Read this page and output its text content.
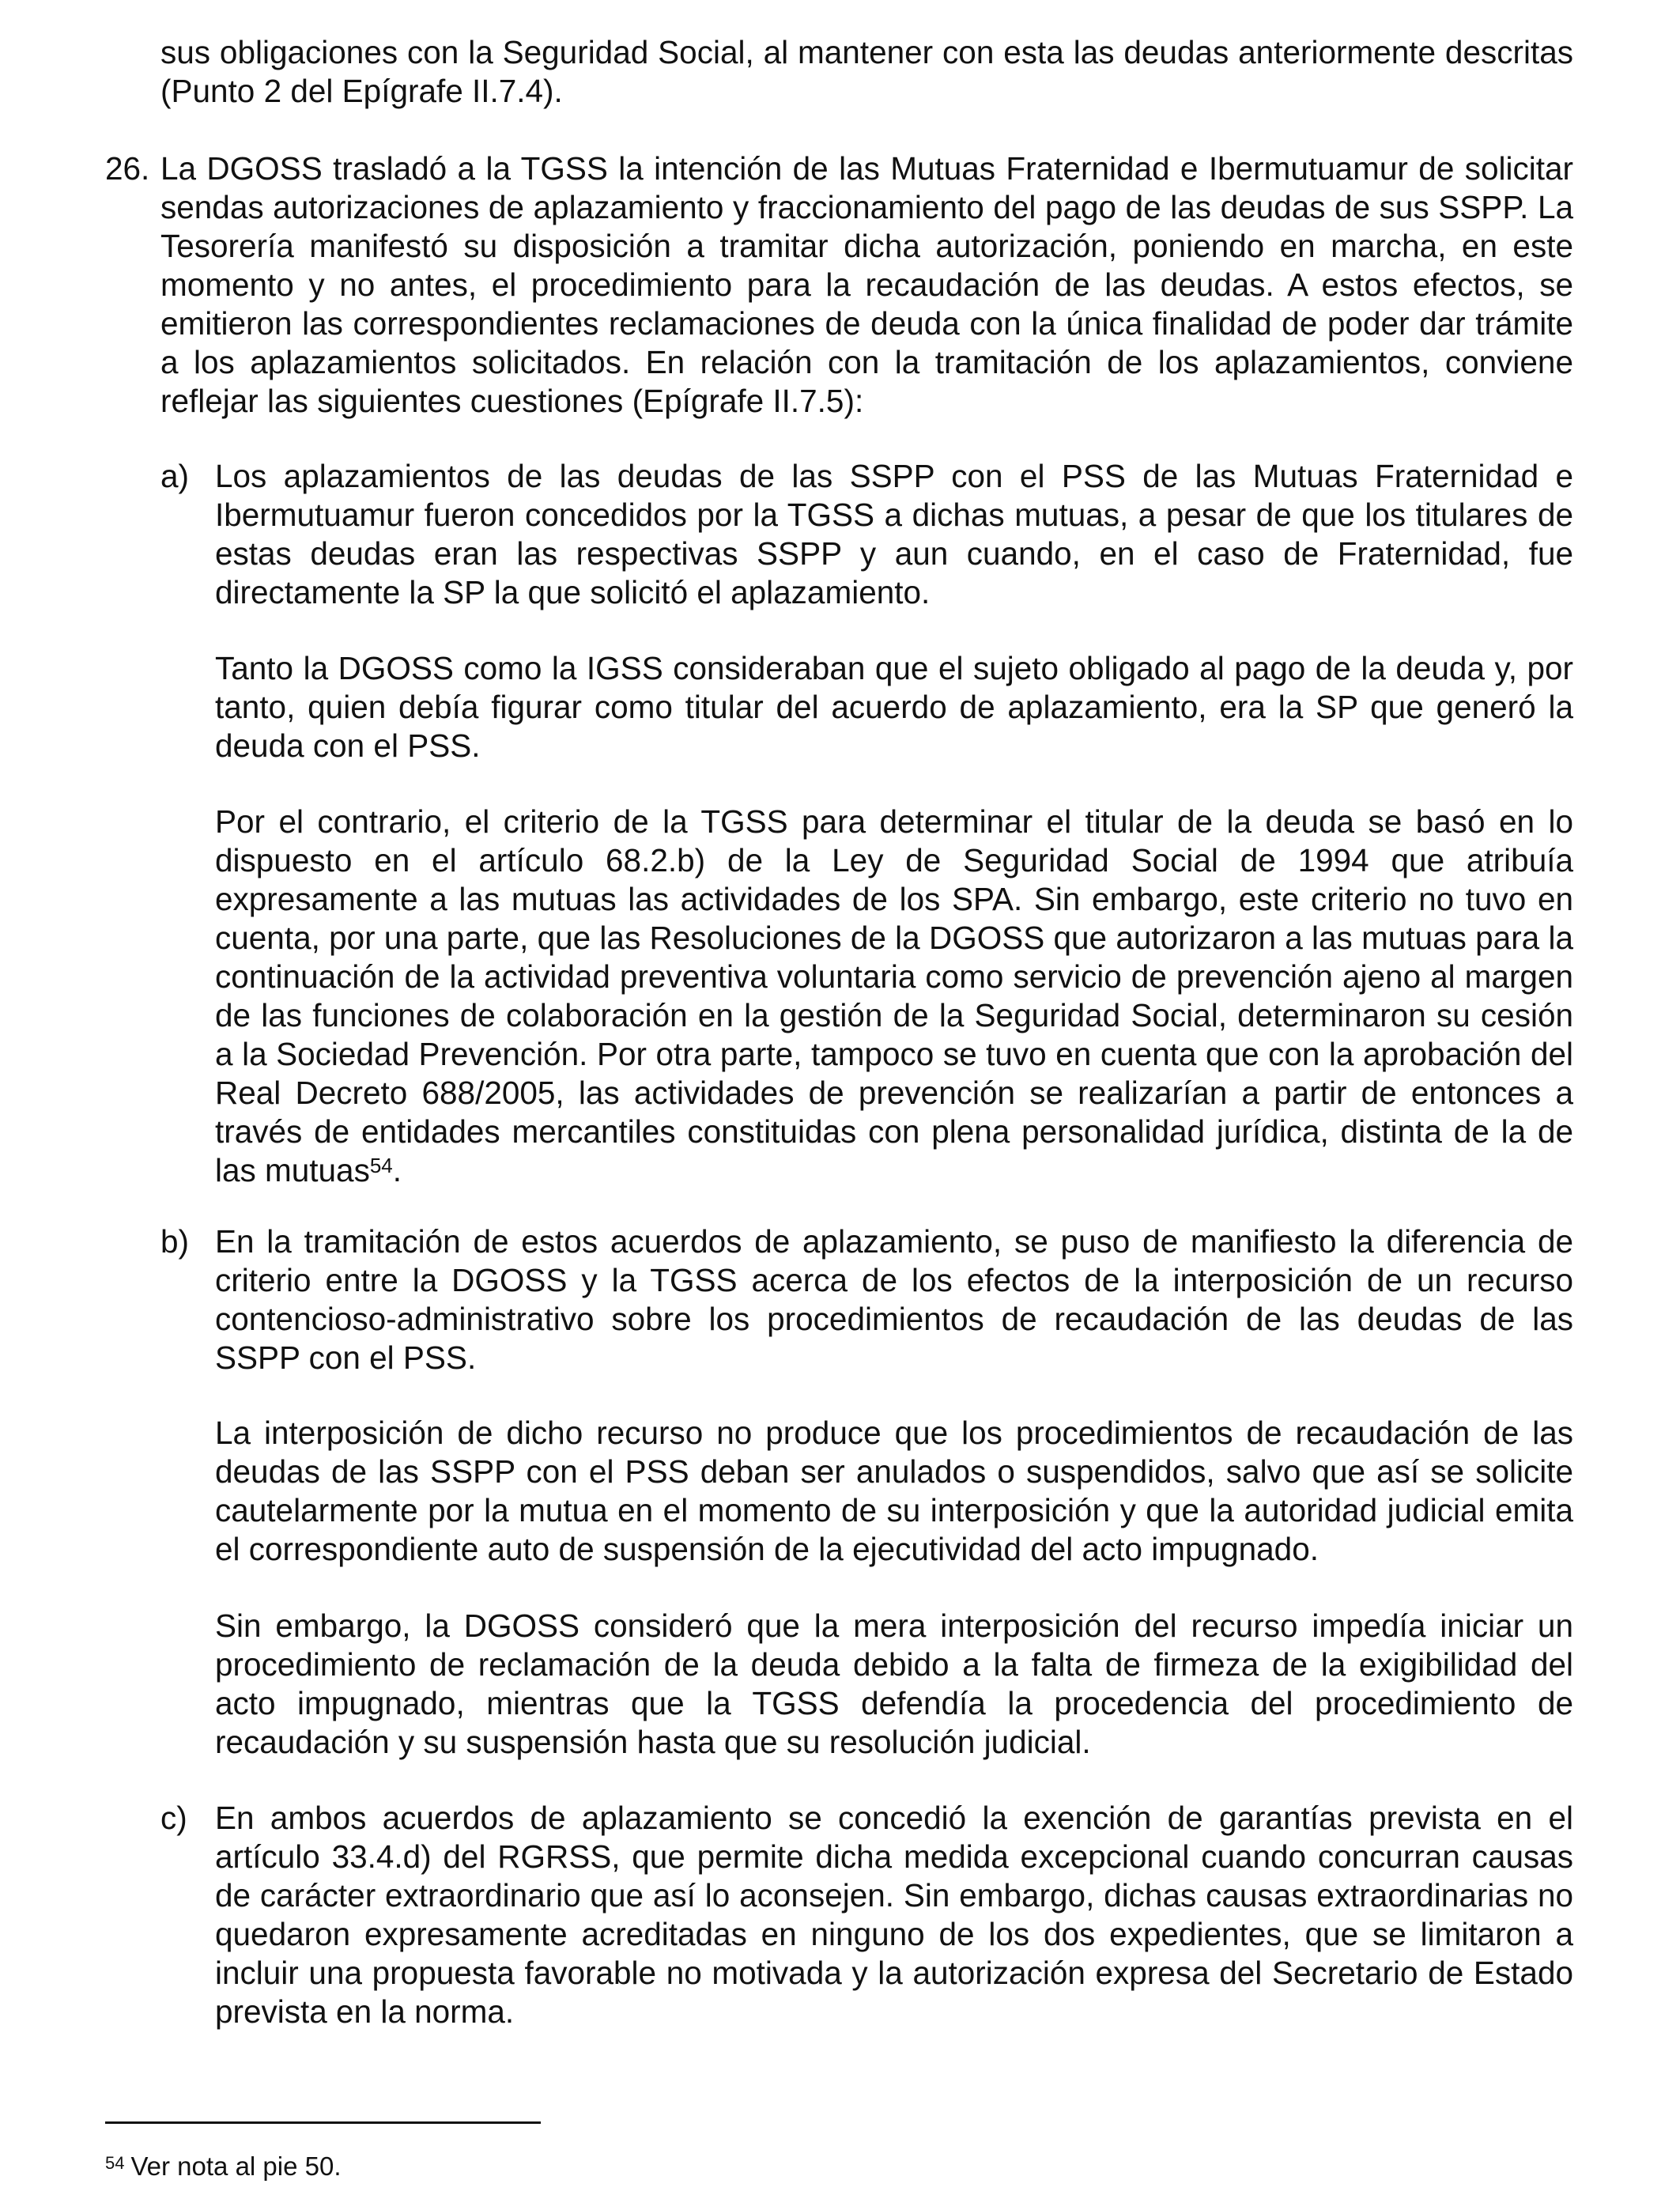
sus obligaciones con la Seguridad Social, al mantener con esta las deudas anteriormente descritas (Punto 2 del Epígrafe II.7.4).

26. La DGOSS trasladó a la TGSS la intención de las Mutuas Fraternidad e Ibermutuamur de solicitar sendas autorizaciones de aplazamiento y fraccionamiento del pago de las deudas de sus SSPP. La Tesorería manifestó su disposición a tramitar dicha autorización, poniendo en marcha, en este momento y no antes, el procedimiento para la recaudación de las deudas. A estos efectos, se emitieron las correspondientes reclamaciones de deuda con la única finalidad de poder dar trámite a los aplazamientos solicitados. En relación con la tramitación de los aplazamientos, conviene reflejar las siguientes cuestiones (Epígrafe II.7.5):

a) Los aplazamientos de las deudas de las SSPP con el PSS de las Mutuas Fraternidad e Ibermutuamur fueron concedidos por la TGSS a dichas mutuas, a pesar de que los titulares de estas deudas eran las respectivas SSPP y aun cuando, en el caso de Fraternidad, fue directamente la SP la que solicitó el aplazamiento.

Tanto la DGOSS como la IGSS consideraban que el sujeto obligado al pago de la deuda y, por tanto, quien debía figurar como titular del acuerdo de aplazamiento, era la SP que generó la deuda con el PSS.

Por el contrario, el criterio de la TGSS para determinar el titular de la deuda se basó en lo dispuesto en el artículo 68.2.b) de la Ley de Seguridad Social de 1994 que atribuía expresamente a las mutuas las actividades de los SPA. Sin embargo, este criterio no tuvo en cuenta, por una parte, que las Resoluciones de la DGOSS que autorizaron a las mutuas para la continuación de la actividad preventiva voluntaria como servicio de prevención ajeno al margen de las funciones de colaboración en la gestión de la Seguridad Social, determinaron su cesión a la Sociedad Prevención. Por otra parte, tampoco se tuvo en cuenta que con la aprobación del Real Decreto 688/2005, las actividades de prevención se realizarían a partir de entonces a través de entidades mercantiles constituidas con plena personalidad jurídica, distinta de la de las mutuas$^{54}$.

b) En la tramitación de estos acuerdos de aplazamiento, se puso de manifiesto la diferencia de criterio entre la DGOSS y la TGSS acerca de los efectos de la interposición de un recurso contencioso-administrativo sobre los procedimientos de recaudación de las deudas de las SSPP con el PSS.

La interposición de dicho recurso no produce que los procedimientos de recaudación de las deudas de las SSPP con el PSS deban ser anulados o suspendidos, salvo que así se solicite cautelarmente por la mutua en el momento de su interposición y que la autoridad judicial emita el correspondiente auto de suspensión de la ejecutividad del acto impugnado.

Sin embargo, la DGOSS consideró que la mera interposición del recurso impedía iniciar un procedimiento de reclamación de la deuda debido a la falta de firmeza de la exigibilidad del acto impugnado, mientras que la TGSS defendía la procedencia del procedimiento de recaudación y su suspensión hasta que su resolución judicial.

c) En ambos acuerdos de aplazamiento se concedió la exención de garantías prevista en el artículo 33.4.d) del RGRSS, que permite dicha medida excepcional cuando concurran causas de carácter extraordinario que así lo aconsejen. Sin embargo, dichas causas extraordinarias no quedaron expresamente acreditadas en ninguno de los dos expedientes, que se limitaron a incluir una propuesta favorable no motivada y la autorización expresa del Secretario de Estado prevista en la norma.

$^{54}$ Ver nota al pie 50.
